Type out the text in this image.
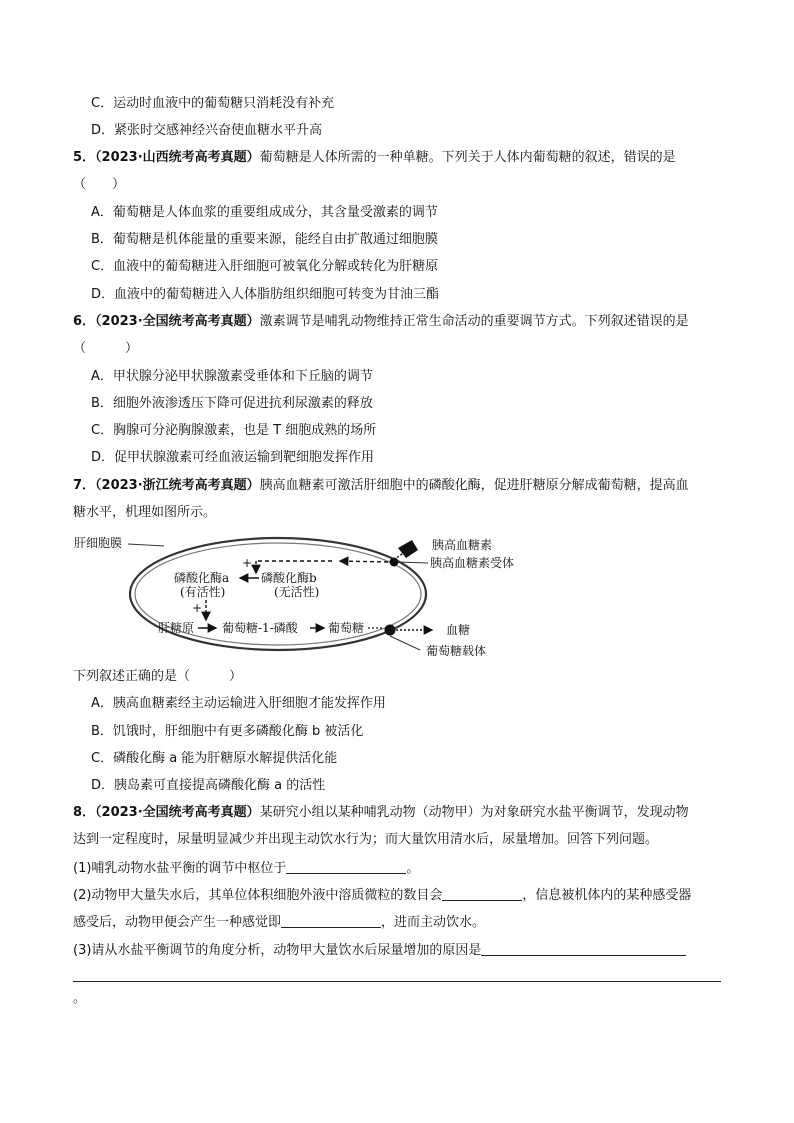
C．运动时血液中的葡萄糖只消耗没有补充
D．紧张时交感神经兴奋使血糖水平升高
5．（2023·山西统考高考真题）葡萄糖是人体所需的一种单糖。下列关于人体内葡萄糖的叙述，错误的是
（　　）
A．葡萄糖是人体血浆的重要组成成分，其含量受激素的调节
B．葡萄糖是机体能量的重要来源，能经自由扩散通过细胞膜
C．血液中的葡萄糖进入肝细胞可被氧化分解或转化为肝糖原
D．血液中的葡萄糖进入人体脂肪组织细胞可转变为甘油三酯
6．（2023·全国统考高考真题）激素调节是哺乳动物维持正常生命活动的重要调节方式。下列叙述错误的是
（　　　）
A．甲状腺分泌甲状腺激素受垂体和下丘脑的调节
B．细胞外液渗透压下降可促进抗利尿激素的释放
C．胸腺可分泌胸腺激素，也是 T 细胞成熟的场所
D．促甲状腺激素可经血液运输到靶细胞发挥作用
7．（2023·浙江统考高考真题）胰高血糖素可激活肝细胞中的磷酸化酶，促进肝糖原分解成葡萄糖，提高血
糖水平，机理如图所示。
肝细胞膜	胰高血糖素
胰高血糖素受体
+
磷酸化酶b
(无活性)
磷酸化酶a
(有活性)
+
肝糖原 葡萄糖-1-磷酸	葡萄糖	血糖
葡萄糖载体
下列叙述正确的是（　　　）
A．胰高血糖素经主动运输进入肝细胞才能发挥作用
B．饥饿时，肝细胞中有更多磷酸化酶 b 被活化
C．磷酸化酶 a 能为肝糖原水解提供活化能
D．胰岛素可直接提高磷酸化酶 a 的活性
8．（2023·全国统考高考真题）某研究小组以某种哺乳动物（动物甲）为对象研究水盐平衡调节，发现动物
达到一定程度时，尿量明显减少并出现主动饮水行为；而大量饮用清水后，尿量增加。回答下列问题。
(1)哺乳动物水盐平衡的调节中枢位于	。
(2)动物甲大量失水后，其单位体积细胞外液中溶质微粒的数目会	，信息被机体内的某种感受器
感受后，动物甲便会产生一种感觉即	，进而主动饮水。
(3)请从水盐平衡调节的角度分析，动物甲大量饮水后尿量增加的原因是
。
